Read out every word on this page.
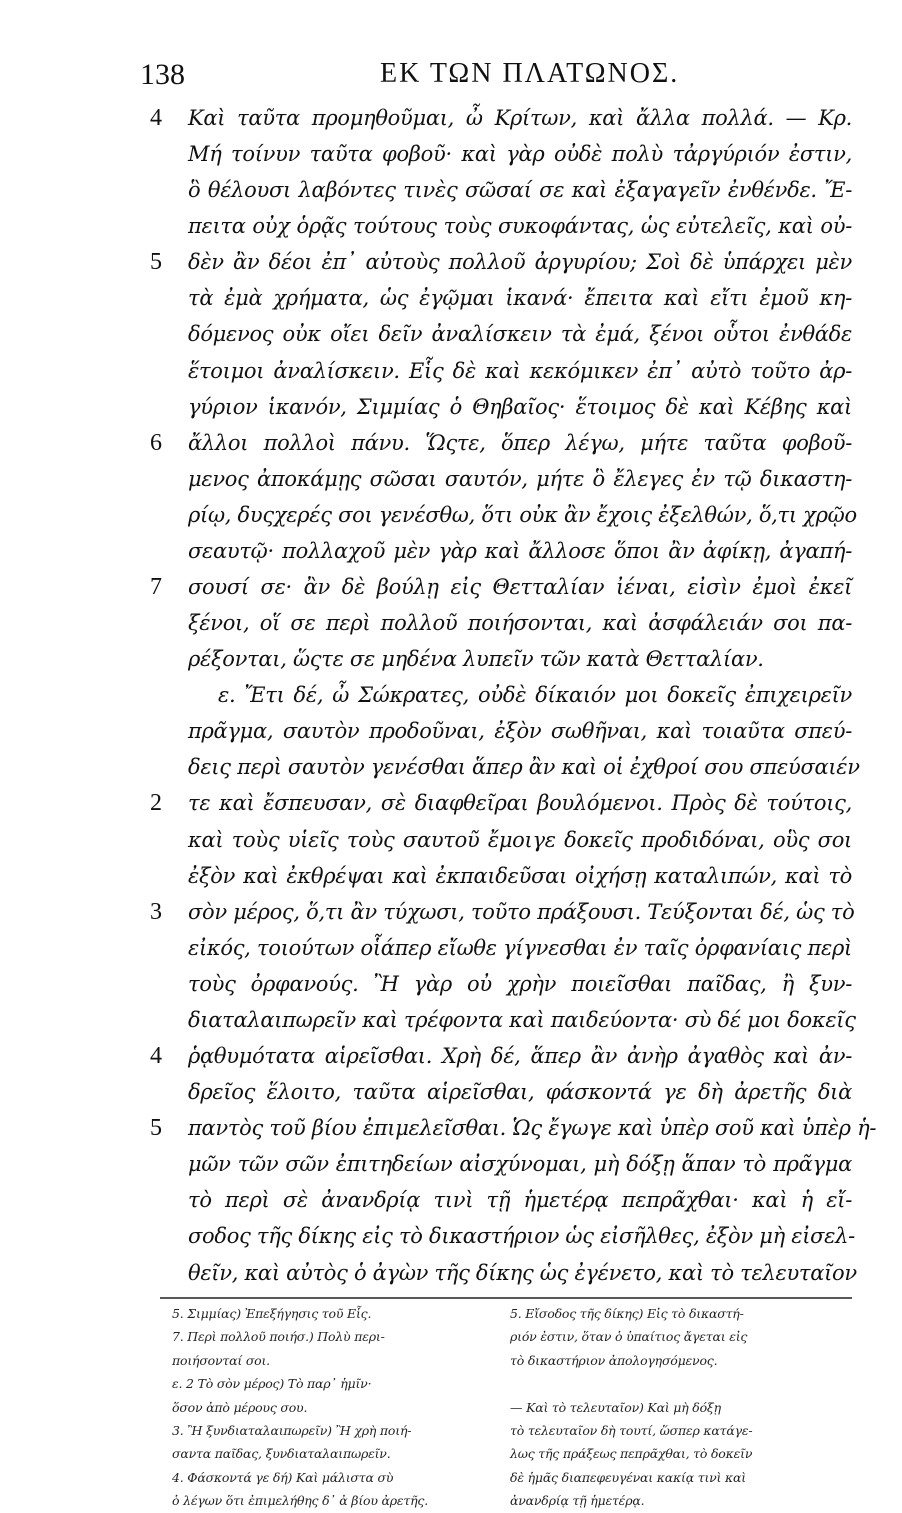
138	ΕΚ ΤΩΝ ΠΛΑΤΩΝΟΣ.
4 Καὶ ταῦτα προμηθοῦμαι, ὦ Κρίτων, καὶ ἄλλα πολλά. — Κρ.
Μή τοίνυν ταῦτα φοβοῦ· καὶ γὰρ οὐδὲ πολὺ τἀργύριόν ἐστιν,
ὃ θέλουσι λαβόντες τινὲς σῶσαί σε καὶ ἐξαγαγεῖν ἐνθένδε. Ἔ-
πειτα οὐχ ὁρᾷς τούτους τοὺς συκοφάντας, ὡς εὐτελεῖς, καὶ οὐ-
5 δὲν ἂν δέοι ἐπ᾽ αὐτοὺς πολλοῦ ἀργυρίου; Σοὶ δὲ ὑπάρχει μὲν
τὰ ἐμὰ χρήματα, ὡς ἐγῷμαι ἱκανά· ἔπειτα καὶ εἴτι ἐμοῦ κη-
δόμενος οὐκ οἴει δεῖν ἀναλίσκειν τὰ ἐμά, ξένοι οὗτοι ἐνθάδε
ἕτοιμοι ἀναλίσκειν. Εἷς δὲ καὶ κεκόμικεν ἐπ᾽ αὐτὸ τοῦτο ἀρ-
γύριον ἱκανόν, Σιμμίας ὁ Θηβαῖος· ἕτοιμος δὲ καὶ Κέβης καὶ
6 ἄλλοι πολλοὶ πάνυ. Ὥςτε, ὅπερ λέγω, μήτε ταῦτα φοβοῦ-
μενος ἀποκάμῃς σῶσαι σαυτόν, μήτε ὃ ἔλεγες ἐν τῷ δικαστη-
ρίῳ, δυςχερές σοι γενέσθω, ὅτι οὐκ ἂν ἔχοις ἐξελθών, ὅ,τι χρῷο
σεαυτῷ· πολλαχοῦ μὲν γὰρ καὶ ἄλλοσε ὅποι ἂν ἀφίκῃ, ἀγαπή-
7 σουσί σε· ἂν δὲ βούλῃ εἰς Θετταλίαν ἰέναι, εἰσὶν ἐμοὶ ἐκεῖ
ξένοι, οἵ σε περὶ πολλοῦ ποιήσονται, καὶ ἀσφάλειάν σοι πα-
ρέξονται, ὥςτε σε μηδένα λυπεῖν τῶν κατὰ Θετταλίαν.
ε. Ἔτι δέ, ὦ Σώκρατες, οὐδὲ δίκαιόν μοι δοκεῖς ἐπιχειρεῖν
πρᾶγμα, σαυτὸν προδοῦναι, ἐξὸν σωθῆναι, καὶ τοιαῦτα σπεύ-
δεις περὶ σαυτὸν γενέσθαι ἅπερ ἂν καὶ οἱ ἐχθροί σου σπεύσαιέν
2 τε καὶ ἔσπευσαν, σὲ διαφθεῖραι βουλόμενοι. Πρὸς δὲ τούτοις,
καὶ τοὺς υἱεῖς τοὺς σαυτοῦ ἔμοιγε δοκεῖς προδιδόναι, οὓς σοι
ἐξὸν καὶ ἐκθρέψαι καὶ ἐκπαιδεῦσαι οἰχήσῃ καταλιπών, καὶ τὸ
3 σὸν μέρος, ὅ,τι ἂν τύχωσι, τοῦτο πράξουσι. Τεύξονται δέ, ὡς τὸ
εἰκός, τοιούτων οἷάπερ εἴωθε γίγνεσθαι ἐν ταῖς ὀρφανίαις περὶ
τοὺς ὀρφανούς. Ἢ γὰρ οὐ χρὴν ποιεῖσθαι παῖδας, ἢ ξυν-
διαταλαιπωρεῖν καὶ τρέφοντα καὶ παιδεύοντα· σὺ δέ μοι δοκεῖς
4 ῥᾳθυμότατα αἱρεῖσθαι. Χρὴ δέ, ἅπερ ἂν ἀνὴρ ἀγαθὸς καὶ ἀν-
δρεῖος ἕλοιτο, ταῦτα αἱρεῖσθαι, φάσκοντά γε δὴ ἀρετῆς διὰ
5 παντὸς τοῦ βίου ἐπιμελεῖσθαι. Ὡς ἔγωγε καὶ ὑπὲρ σοῦ καὶ ὑπὲρ ἡ-
μῶν τῶν σῶν ἐπιτηδείων αἰσχύνομαι, μὴ δόξῃ ἅπαν τὸ πρᾶγμα
τὸ περὶ σὲ ἀνανδρίᾳ τινὶ τῇ ἡμετέρᾳ πεπρᾶχθαι· καὶ ἡ εἴ-
σοδος τῆς δίκης εἰς τὸ δικαστήριον ὡς εἰσῆλθες, ἐξὸν μὴ εἰσελ-
θεῖν, καὶ αὐτὸς ὁ ἀγὼν τῆς δίκης ὡς ἐγένετο, καὶ τὸ τελευταῖον
5. Σιμμίας) Ἐπεξήγησις τοῦ Εἷς.
7. Περὶ πολλοῦ ποιήσ.) Πολὺ περι-
ποιήσονταί σοι.
ε. 2 Τὸ σὸν μέρος) Τὸ παρ᾽ ἡμῖν·
ὅσον ἀπὸ μέρους σου.
3. Ἢ ξυνδιαταλαιπωρεῖν) Ἢ χρὴ ποιή-
σαντα παῖδας, ξυνδιαταλαιπωρεῖν.
4. Φάσκοντά γε δή) Καὶ μάλιστα σὺ
ὁ λέγων ὅτι ἐπιμελήθης δ᾽ ἀ βίου ἀρετῆς.
5. Εἴσοδος τῆς δίκης) Εἰς τὸ δικαστή-
ριόν ἐστιν, ὅταν ὁ ὑπαίτιος ἄγεται εἰς
τὸ δικαστήριον ἀπολογησόμενος.
— Καὶ τὸ τελευταῖον) Καὶ μὴ δόξῃ
τὸ τελευταῖον δὴ τουτί, ὥσπερ κατάγε-
λως τῆς πράξεως πεπρᾶχθαι, τὸ δοκεῖν
δὲ ἡμᾶς διαπεφευγέναι κακίᾳ τινὶ καὶ
ἀνανδρίᾳ τῇ ἡμετέρᾳ.
